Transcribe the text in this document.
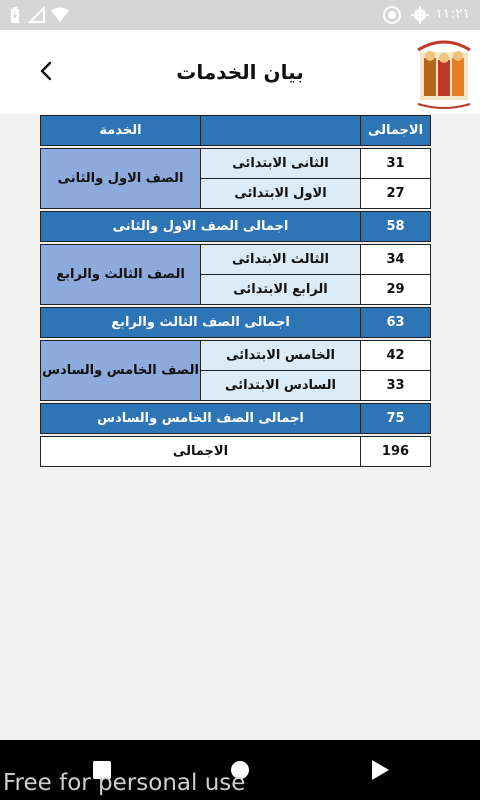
١١:٢١
بيان الخدمات
الاجمالى		الخدمة

31	الثانى الابتدائى	الصف الاول والثانى
27	الاول الابتدائى	

58	اجمالى الصف الاول والثانى	

34	الثالث الابتدائى	الصف الثالث والرابع
29	الرابع الابتدائى	

63	اجمالى الصف الثالث والرابع	

42	الخامس الابتدائى	الصف الخامس والسادس
33	السادس الابتدائى	

75	اجمالى الصف الخامس والسادس	

196	الاجمالى	
Free for personal use
